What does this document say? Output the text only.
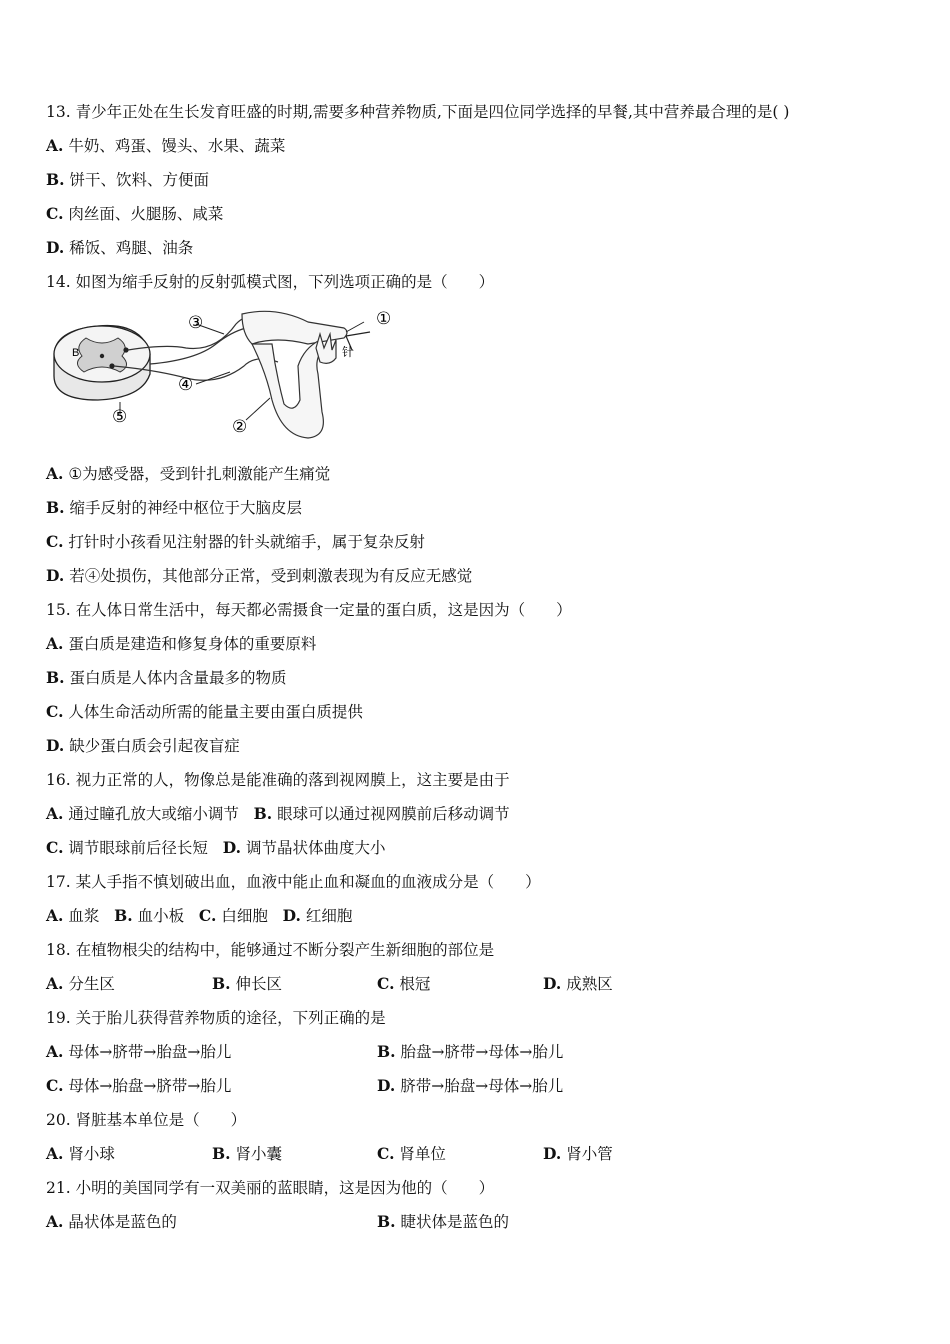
13. 青少年正处在生长发育旺盛的时期,需要多种营养物质,下面是四位同学选择的早餐,其中营养最合理的是( )
A. 牛奶、鸡蛋、馒头、水果、蔬菜
B. 饼干、饮料、方便面
C. 肉丝面、火腿肠、咸菜
D. 稀饭、鸡腿、油条
14. 如图为缩手反射的反射弧模式图，下列选项正确的是（　　）
B
③
④
⑤	②
①
针
A. ①为感受器，受到针扎刺激能产生痛觉
B. 缩手反射的神经中枢位于大脑皮层
C. 打针时小孩看见注射器的针头就缩手，属于复杂反射
D. 若④处损伤，其他部分正常，受到刺激表现为有反应无感觉
15. 在人体日常生活中，每天都必需摄食一定量的蛋白质，这是因为（　　）
A. 蛋白质是建造和修复身体的重要原料
B. 蛋白质是人体内含量最多的物质
C. 人体生命活动所需的能量主要由蛋白质提供
D. 缺少蛋白质会引起夜盲症
16. 视力正常的人，物像总是能准确的落到视网膜上，这主要是由于
A. 通过瞳孔放大或缩小调节 B. 眼球可以通过视网膜前后移动调节
C. 调节眼球前后径长短 D. 调节晶状体曲度大小
17. 某人手指不慎划破出血，血液中能止血和凝血的血液成分是（　　）
A. 血浆 B. 血小板 C. 白细胞 D. 红细胞
18. 在植物根尖的结构中，能够通过不断分裂产生新细胞的部位是
A. 分生区	B. 伸长区	C. 根冠	D. 成熟区
19. 关于胎儿获得营养物质的途径，下列正确的是
A. 母体→脐带→胎盘→胎儿	B. 胎盘→脐带→母体→胎儿
C. 母体→胎盘→脐带→胎儿	D. 脐带→胎盘→母体→胎儿
20. 肾脏基本单位是（　　）
A. 肾小球	B. 肾小囊	C. 肾单位	D. 肾小管
21. 小明的美国同学有一双美丽的蓝眼睛，这是因为他的（　　）
A. 晶状体是蓝色的	B. 睫状体是蓝色的
